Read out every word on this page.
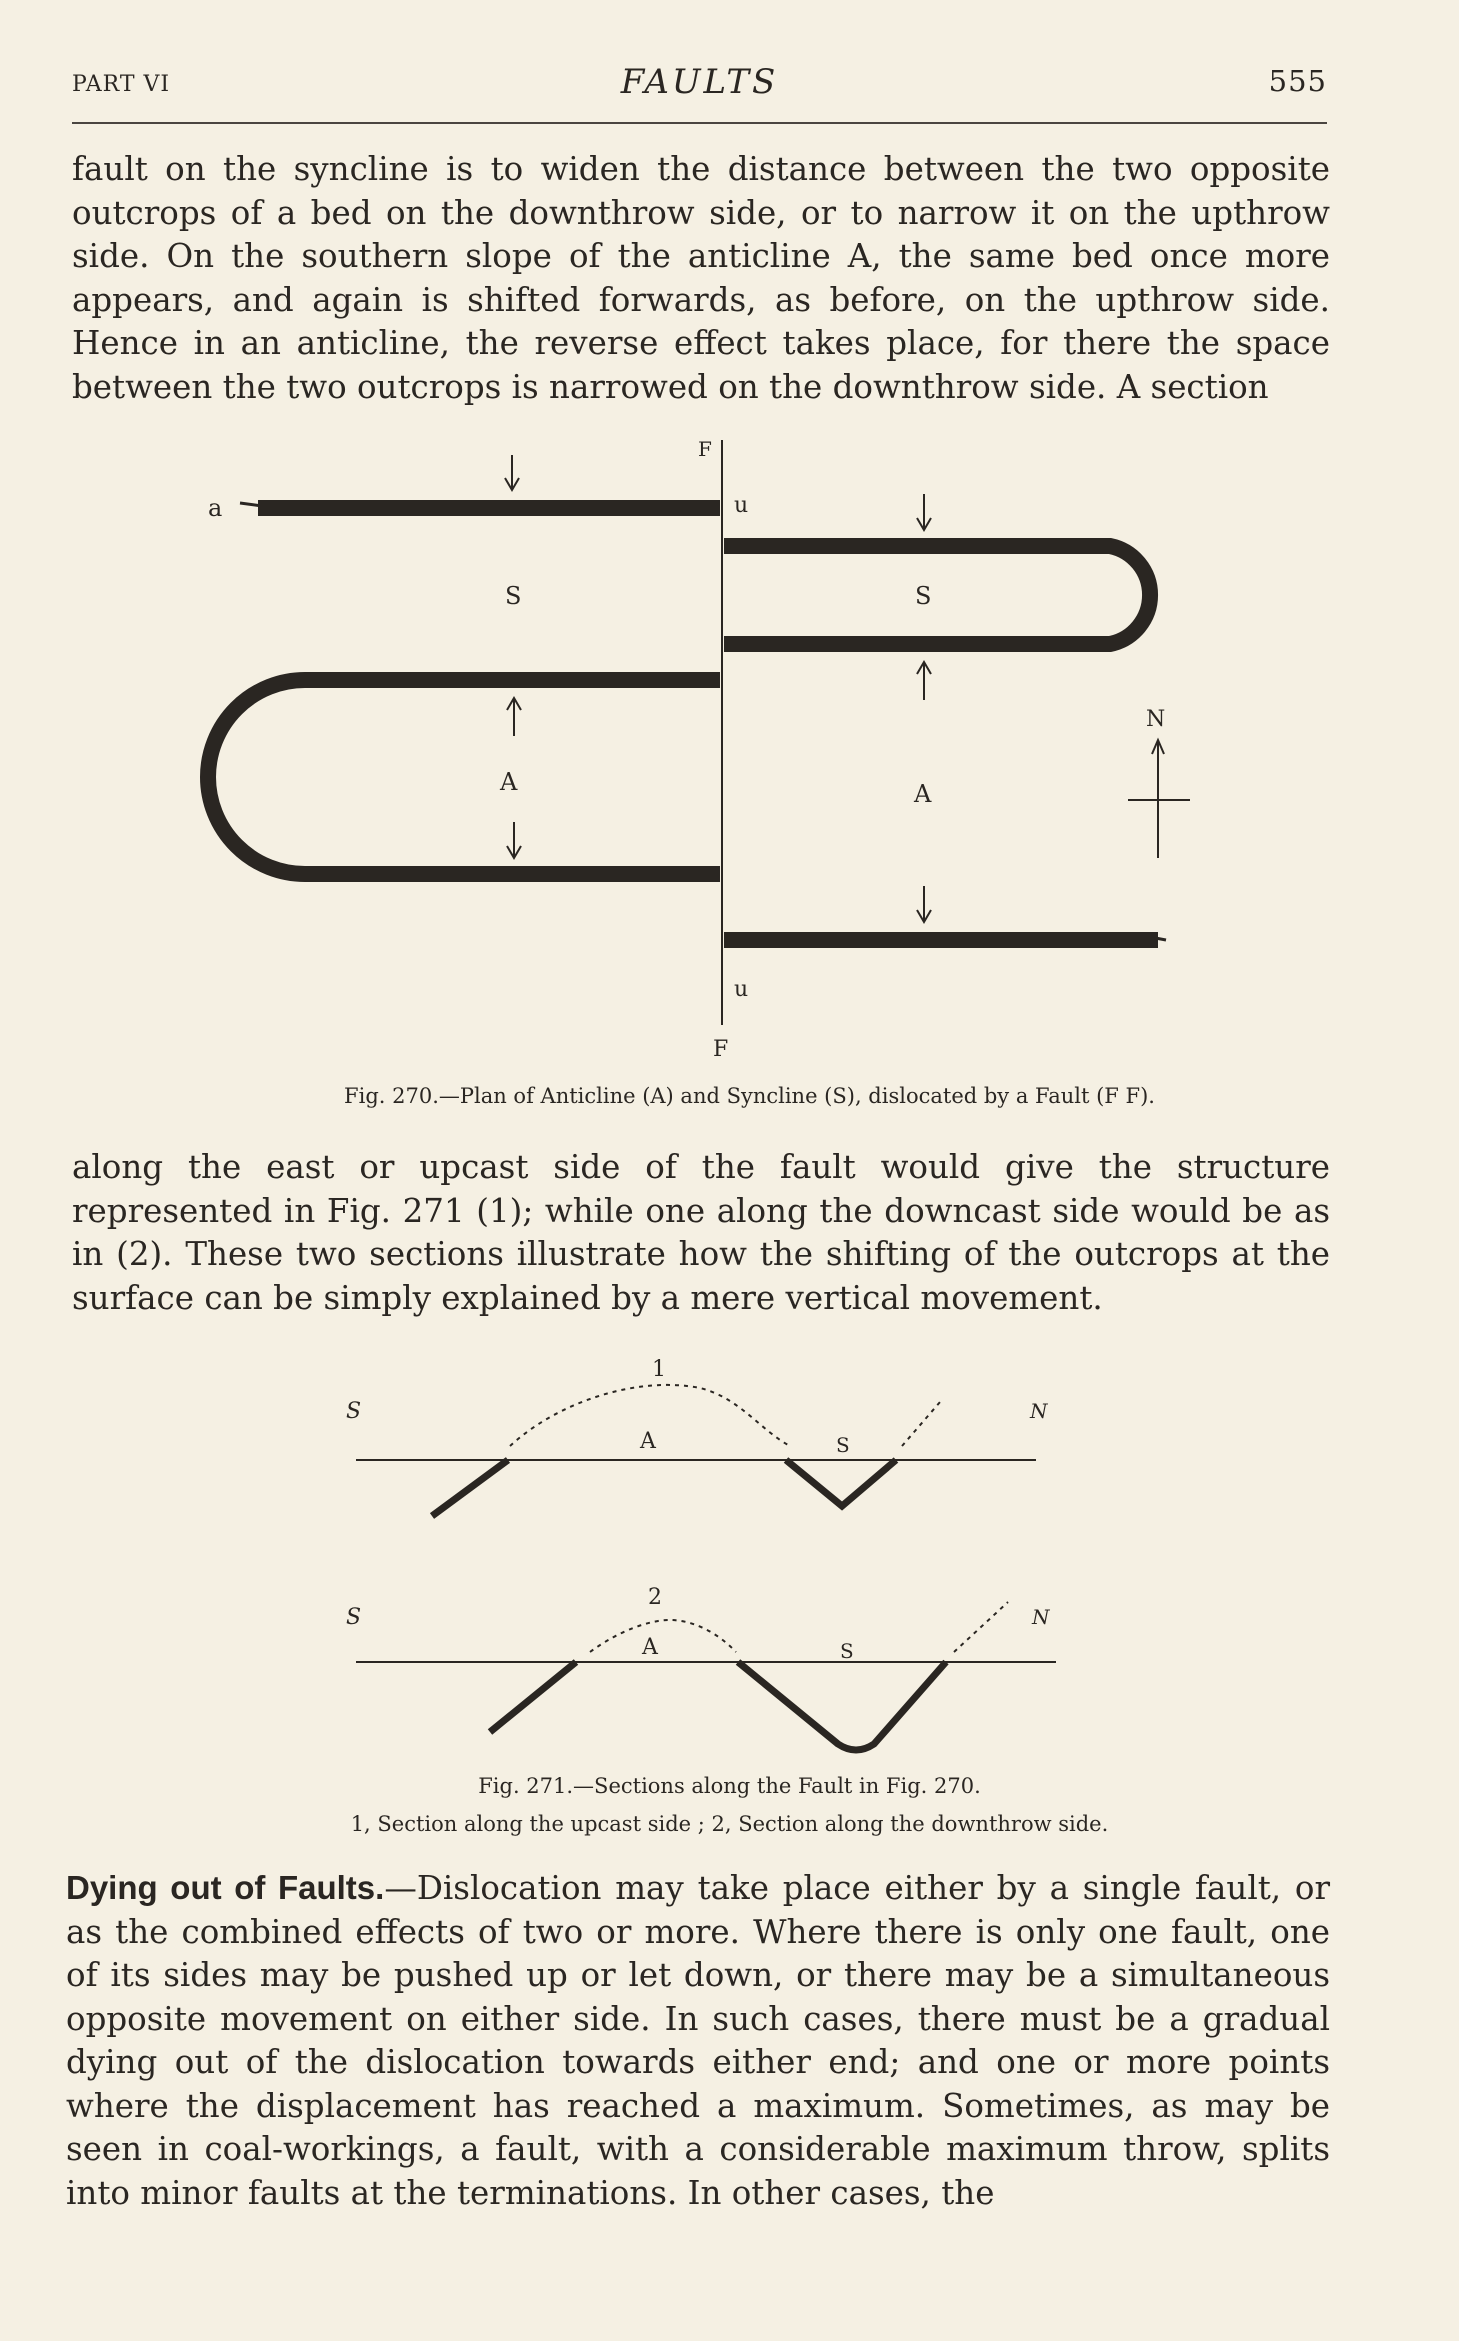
PART VI	FAULTS	555

fault on the syncline is to widen the distance between the two opposite outcrops of a bed on the downthrow side, or to narrow it on the upthrow side. On the southern slope of the anticline A, the same bed once more appears, and again is shifted forwards, as before, on the upthrow side. Hence in an anticline, the reverse effect takes place, for there the space between the two outcrops is narrowed on the downthrow side. A section

a
F
u
S	S
A	A
N
u
F
Fig. 270.—Plan of Anticline (A) and Syncline (S), dislocated by a Fault (F F).

along the east or upcast side of the fault would give the structure represented in Fig. 271 (1); while one along the downcast side would be as in (2). These two sections illustrate how the shifting of the outcrops at the surface can be simply explained by a mere vertical movement.

1
S	N
A	S
2
S	N
A	S
Fig. 271.—Sections along the Fault in Fig. 270.
1, Section along the upcast side ; 2, Section along the downthrow side.

Dying out of Faults.—Dislocation may take place either by a single fault, or as the combined effects of two or more. Where there is only one fault, one of its sides may be pushed up or let down, or there may be a simultaneous opposite movement on either side. In such cases, there must be a gradual dying out of the dislocation towards either end; and one or more points where the displacement has reached a maximum. Sometimes, as may be seen in coal-workings, a fault, with a considerable maximum throw, splits into minor faults at the terminations. In other cases, the
